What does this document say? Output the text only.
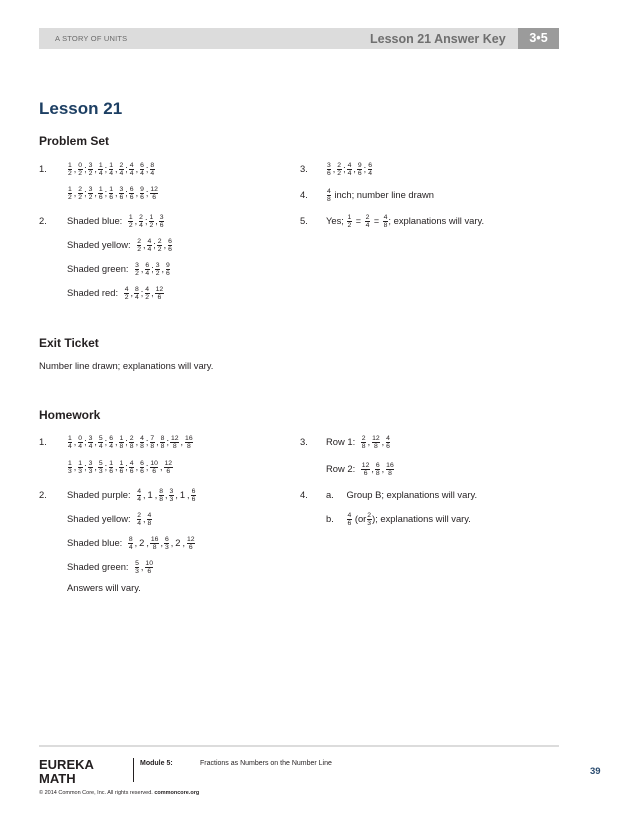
A STORY OF UNITS	Lesson 21 Answer Key	3•5
Lesson 21
Problem Set
1.	$\frac{1}{2}$ , $\frac{0}{2}$ ; $\frac{3}{2}$ , $\frac{1}{4}$ ; $\frac{1}{4}$ , $\frac{2}{4}$ ; $\frac{4}{4}$ , $\frac{6}{4}$ ; $\frac{8}{4}$
$\frac{1}{2}$ , $\frac{2}{2}$ ; $\frac{3}{2}$ , $\frac{1}{6}$ ; $\frac{1}{6}$ , $\frac{3}{6}$ ; $\frac{6}{6}$ , $\frac{9}{6}$ ; $\frac{12}{6}$
2. Shaded blue: $\frac{1}{2}$ , $\frac{2}{4}$ ; $\frac{1}{2}$ , $\frac{3}{6}$
Shaded yellow: $\frac{2}{2}$ , $\frac{4}{4}$ ; $\frac{2}{2}$ , $\frac{6}{6}$
Shaded green: $\frac{3}{2}$ , $\frac{6}{4}$ ; $\frac{3}{2}$ , $\frac{9}{6}$
Shaded red: $\frac{4}{2}$ , $\frac{8}{4}$ ; $\frac{4}{2}$ , $\frac{12}{6}$
3.	$\frac{3}{6}$ , $\frac{2}{2}$ ; $\frac{4}{4}$ , $\frac{9}{6}$ ; $\frac{6}{4}$
4.	$\frac{4}{8}$ inch; number line drawn
5. Yes; $\frac{1}{2} = \frac{2}{4} = \frac{4}{8}$ ; explanations will vary.
Exit Ticket
Number line drawn; explanations will vary.
Homework
1.	$\frac{1}{4}$ , $\frac{0}{4}$ ; $\frac{3}{4}$ , $\frac{5}{4}$ ; $\frac{6}{4}$ , $\frac{1}{8}$ ; $\frac{2}{8}$ , $\frac{4}{8}$ ; $\frac{7}{8}$ , $\frac{8}{8}$ ; $\frac{12}{8}$ , $\frac{16}{8}$
$\frac{1}{3}$ , $\frac{1}{3}$ ; $\frac{3}{3}$ , $\frac{5}{3}$ ; $\frac{1}{6}$ , $\frac{1}{6}$ ; $\frac{4}{6}$ , $\frac{6}{6}$ ; $\frac{10}{6}$ , $\frac{12}{6}$
2. Shaded purple: $\frac{4}{4}$ , 1 , $\frac{8}{8}$ , $\frac{3}{3}$ , 1 , $\frac{6}{6}$
Shaded yellow: $\frac{2}{4}$ , $\frac{4}{8}$
Shaded blue: $\frac{8}{4}$ , 2 , $\frac{16}{8}$ , $\frac{6}{3}$ , 2 , $\frac{12}{6}$
Shaded green: $\frac{5}{3}$ , $\frac{10}{6}$
Answers will vary.
3. Row 1: $\frac{2}{8}$ , $\frac{12}{8}$ , $\frac{4}{6}$
Row 2: $\frac{12}{6}$ , $\frac{6}{8}$ , $\frac{16}{8}$
4. a. Group B; explanations will vary.
b. $\frac{4}{6} (or \frac{2}{3}$ ); explanations will vary.
EUREKA
MATH
Module 5:	Fractions as Numbers on the Number Line
© 2014 Common Core, Inc. All rights reserved. commoncore.org
39
